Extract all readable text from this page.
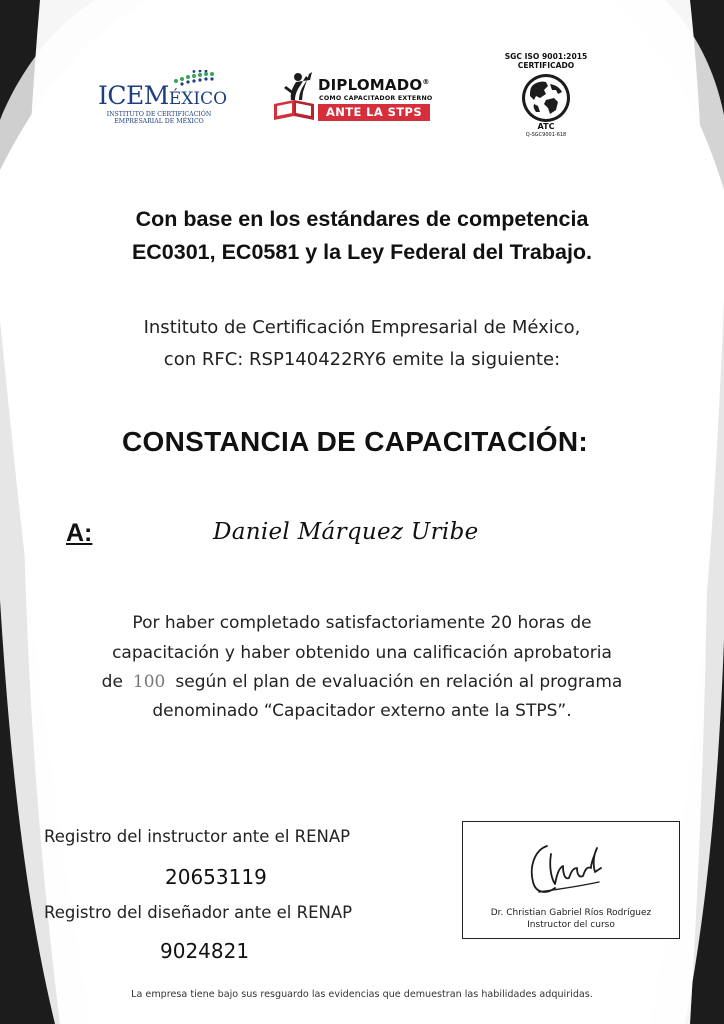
ICEMÉXICO
INSTITUTO DE CERTIFICACIÓN
EMPRESARIAL DE MÉXICO
DIPLOMADO®
COMO CAPACITADOR EXTERNO
ANTE LA STPS
SGC ISO 9001:2015
CERTIFICADO
ATC
Q-SGC9001-618
Con base en los estándares de competencia
EC0301, EC0581 y la Ley Federal del Trabajo.
Instituto de Certificación Empresarial de México,
con RFC: RSP140422RY6 emite la siguiente:
CONSTANCIA DE CAPACITACIÓN:
A:	Daniel Márquez Uribe
Por haber completado satisfactoriamente 20 horas de
capacitación y haber obtenido una calificación aprobatoria
de 100 según el plan de evaluación en relación al programa
denominado “Capacitador externo ante la STPS”.
Registro del instructor ante el RENAP
20653119
Registro del diseñador ante el RENAP
9024821
Dr. Christian Gabriel Ríos Rodríguez
Instructor del curso
La empresa tiene bajo sus resguardo las evidencias que demuestran las habilidades adquiridas.
